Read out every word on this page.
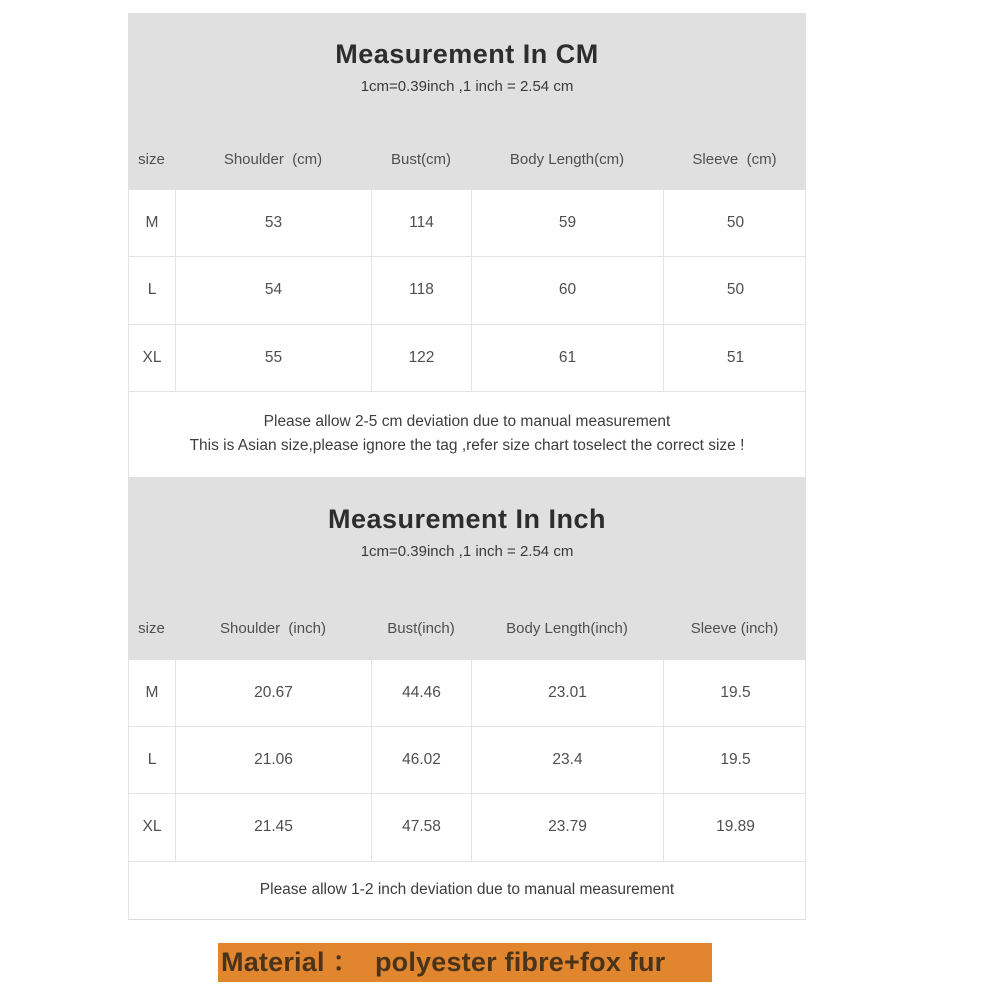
Measurement In CM
1cm=0.39inch ,1 inch = 2.54 cm
size	Shoulder  (cm)	Bust(cm)	Body Length(cm)	Sleeve  (cm)
M	53	114	59	50
L	54	118	60	50
XL	55	122	61	51
Please allow 2-5 cm deviation due to manual measurement
This is Asian size,please ignore the tag ,refer size chart toselect the correct size !
Measurement In Inch
1cm=0.39inch ,1 inch = 2.54 cm
size	Shoulder  (inch)	Bust(inch)	Body Length(inch)	Sleeve (inch)
M	20.67	44.46	23.01	19.5
L	21.06	46.02	23.4	19.5
XL	21.45	47.58	23.79	19.89
Please allow 1-2 inch deviation due to manual measurement
Material ：  polyester fibre+fox fur
